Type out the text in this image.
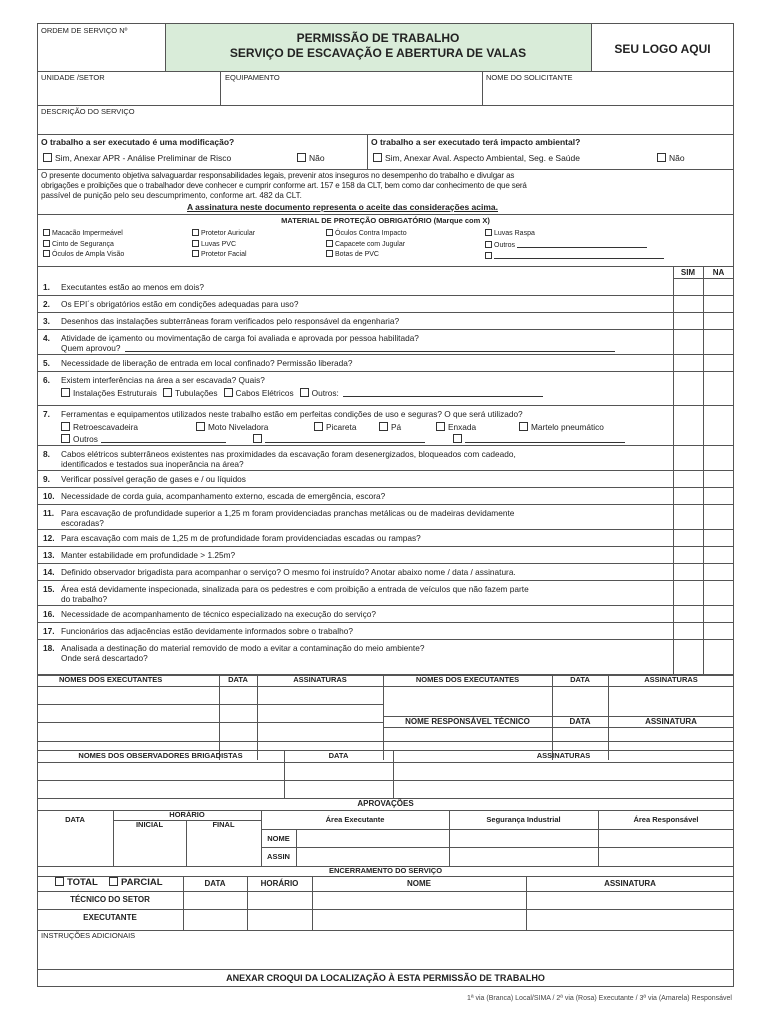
ORDEM DE SERVIÇO Nº
PERMISSÃO DE TRABALHO
SERVIÇO DE ESCAVAÇÃO E ABERTURA DE VALAS	SEU LOGO AQUI
UNIDADE /SETOR	EQUIPAMENTO	NOME DO SOLICITANTE
DESCRIÇÃO DO SERVIÇO
O trabalho a ser executado é uma modificação?
Sim, Anexar APR - Análise Preliminar de Risco	Não
O trabalho a ser executado terá impacto ambiental?
Sim, Anexar Aval. Aspecto Ambiental, Seg. e Saúde	Não
O presente documento objetiva salvaguardar responsabilidades legais, prevenir atos inseguros no desempenho do trabalho e divulgar as
obrigações e proibições que o trabalhador deve conhecer e cumprir conforme art. 157 e 158 da CLT, bem como dar conhecimento de que será
passível de punição pelo seu descumprimento, conforme art. 482 da CLT.
A assinatura neste documento representa o aceite das considerações acima.
MATERIAL DE PROTEÇÃO OBRIGATÓRIO (Marque com X)
Macacão Impermeável
Cinto de Segurança
Óculos de Ampla Visão
Protetor Auricular
Luvas PVC
Protetor Facial
Óculos Contra Impacto
Capacete com Jugular
Botas de PVC
Luvas Raspa
Outros
SIM	NA
1. Executantes estão ao menos em dois?
2. Os EPI´s obrigatórios estão em condições adequadas para uso?
3. Desenhos das instalações subterrâneas foram verificados pelo responsável da engenharia?
4. Atividade de içamento ou movimentação de carga foi avaliada e aprovada por pessoa habilitada?
Quem aprovou?
5. Necessidade de liberação de entrada em local confinado? Permissão liberada?
6. Existem interferências na área a ser escavada? Quais?
Instalações Estruturais Tubulações Cabos Elétricos Outros:
7. Ferramentas e equipamentos utilizados neste trabalho estão em perfeitas condições de uso e seguras? O que será utilizado?
Retroescavadeira	Moto Niveladora	Picareta	Pá	Enxada	Martelo pneumático
Outros
8. Cabos elétricos subterrâneos existentes nas proximidades da escavação foram desenergizados, bloqueados com cadeado,
identificados e testados sua inoperância na área?
9. Verificar possível geração de gases e / ou líquidos
10. Necessidade de corda guia, acompanhamento externo, escada de emergência, escora?
11. Para escavação de profundidade superior a 1,25 m foram providenciadas pranchas metálicas ou de madeiras devidamente
escoradas?
12. Para escavação com mais de 1,25 m de profundidade foram providenciadas escadas ou rampas?
13. Manter estabilidade em profundidade > 1.25m?
14. Definido observador brigadista para acompanhar o serviço? O mesmo foi instruído? Anotar abaixo nome / data / assinatura.
15. Área está devidamente inspecionada, sinalizada para os pedestres e com proibição a entrada de veículos que não fazem parte
do trabalho?
16. Necessidade de acompanhamento de técnico especializado na execução do serviço?
17. Funcionários das adjacências estão devidamente informados sobre o trabalho?
18. Analisada a destinação do material removido de modo a evitar a contaminação do meio ambiente?
Onde será descartado?
NOMES DOS EXECUTANTES	DATA	ASSINATURAS	NOMES DOS EXECUTANTES	DATA	ASSINATURAS
NOME RESPONSÁVEL TÉCNICO	DATA	ASSINATURA
NOMES DOS OBSERVADORES BRIGADISTAS	DATA	ASSINATURAS
APROVAÇÕES
DATA
HORÁRIO
INICIAL	FINAL
Área Executante	Segurança Industrial	Área Responsável
NOME
ASSIN
ENCERRAMENTO DO SERVIÇO
TOTAL	PARCIAL	DATA	HORÁRIO	NOME	ASSINATURA
TÉCNICO DO SETOR
EXECUTANTE
INSTRUÇÕES ADICIONAIS
ANEXAR CROQUI DA LOCALIZAÇÃO À ESTA PERMISSÃO DE TRABALHO
1ª via (Branca) Local/SIMA / 2ª via (Rosa) Executante / 3ª via (Amarela) Responsável
